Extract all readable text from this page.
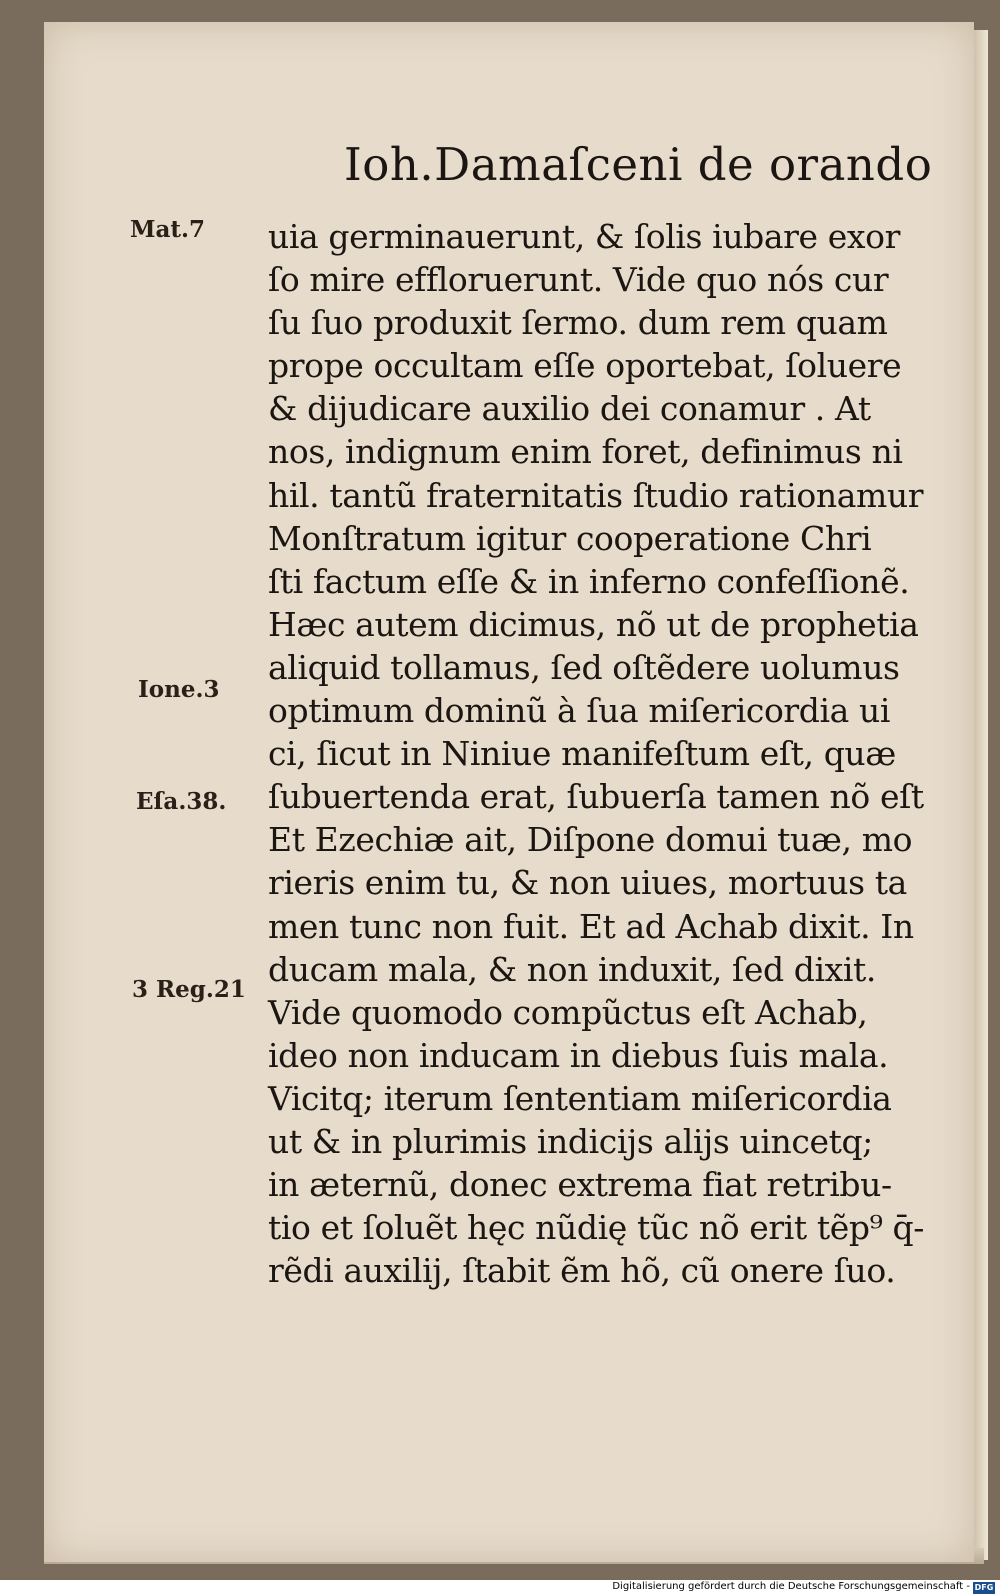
Ioh.Damaſceni de orando
uia germinauerunt, & ſolis iubare exor
ſo mire effloruerunt. Vide quo nós cur
ſu ſuo produxit ſermo. dum rem quam
prope occultam eſſe oportebat, ſoluere
& dijudicare auxilio dei conamur . At
nos, indignum enim foret, definimus ni
hil. tantũ fraternitatis ſtudio rationamur
Monſtratum igitur cooperatione Chri
ſti factum eſſe & in inferno confeſſionẽ.
Hæc autem dicimus, nõ ut de prophetia
aliquid tollamus, ſed oſtẽdere uolumus
optimum dominũ à ſua miſericordia ui
ci, ſicut in Niniue manifeſtum eſt, quæ
ſubuertenda erat, ſubuerſa tamen nõ eſt
Et Ezechiæ ait, Diſpone domui tuæ, mo
rieris enim tu, & non uiues, mortuus ta
men tunc non fuit. Et ad Achab dixit. In
ducam mala, & non induxit, ſed dixit.
Vide quomodo compũctus eſt Achab,
ideo non inducam in diebus ſuis mala.
Vicitq; iterum ſententiam miſericordia
ut & in plurimis indicijs alijs uincetq;
in æternũ, donec extrema fiat retribu-
tio et ſoluẽt hęc nũdię tũc nõ erit tẽp⁹ q̄-
rẽdi auxilij, ſtabit ẽm hõ, cũ onere ſuo.
Mat.7
Ione.3
Eſa.38.
3 Reg.21
Digitalisierung gefördert durch die Deutsche Forschungsgemeinschaft - DFG
